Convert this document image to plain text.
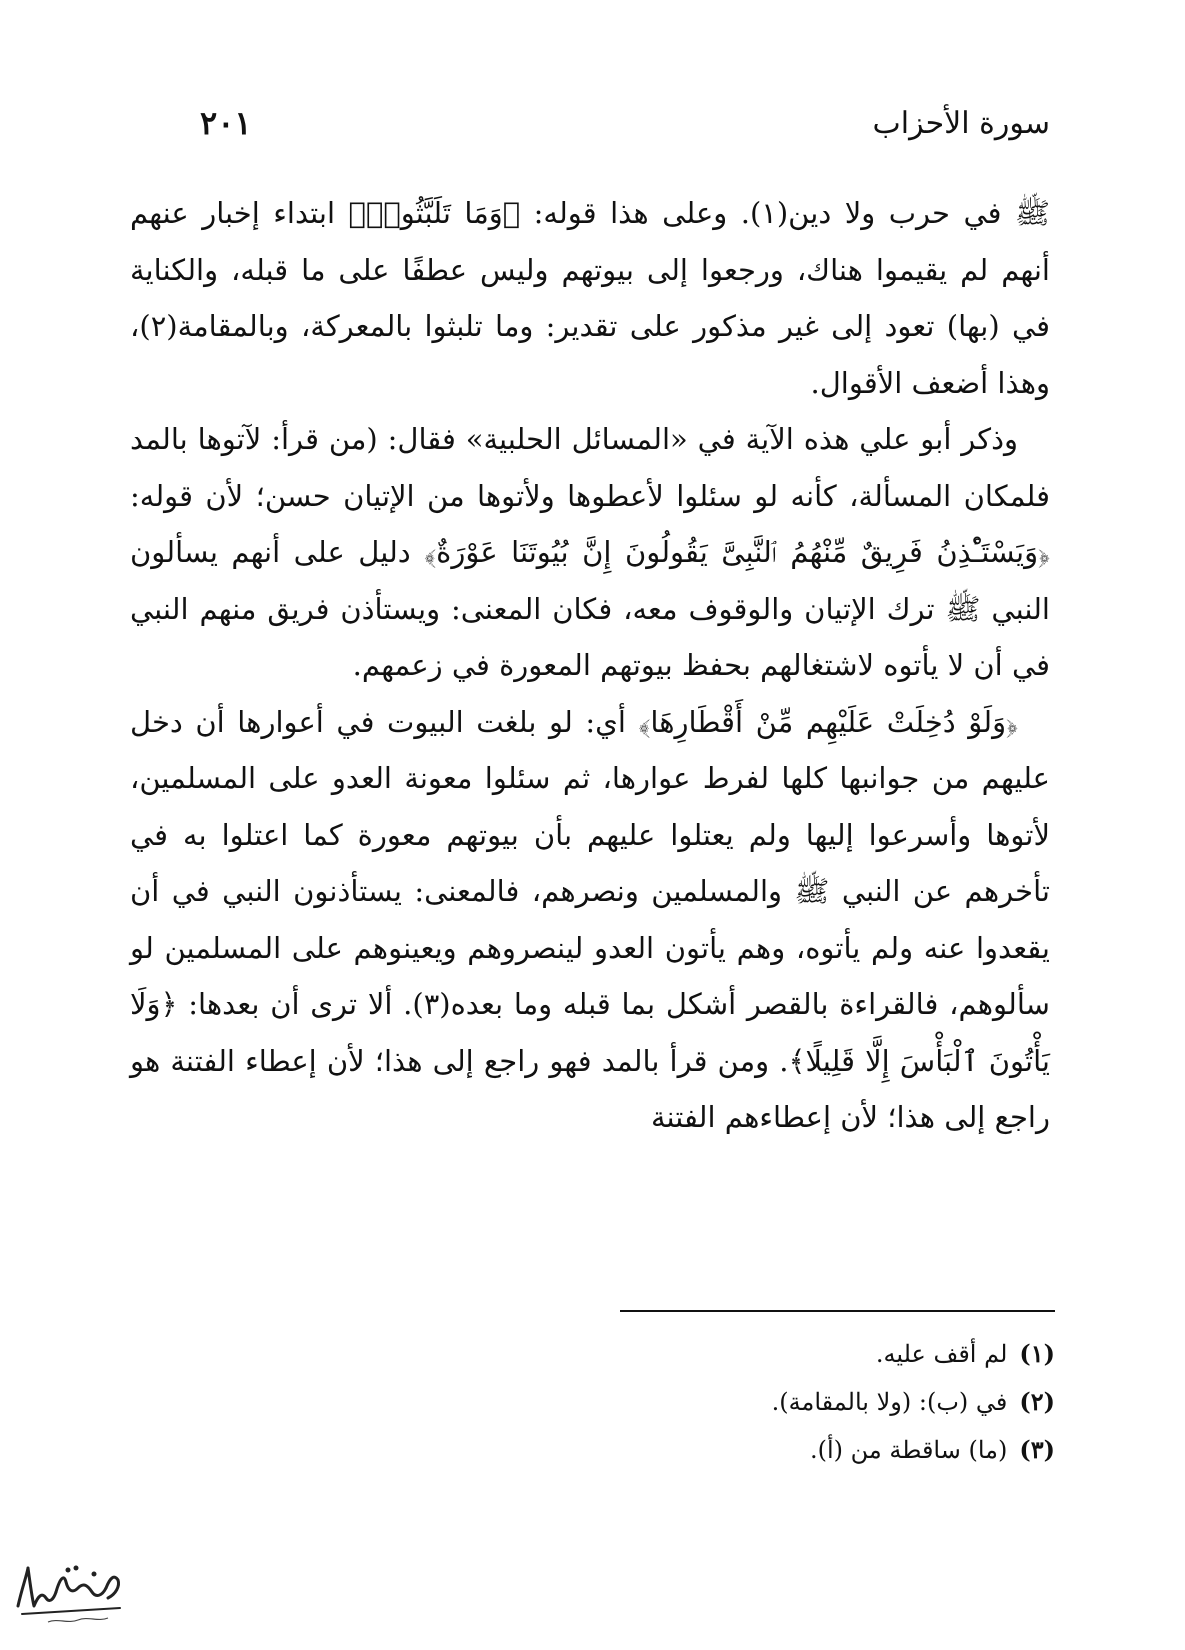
سورة الأحزاب
٢٠١

ﷺ في حرب ولا دين(١). وعلى هذا قوله: ﴿وَمَا تَلَبَّثُوا۟﴾ ابتداء إخبار عنهم أنهم لم يقيموا هناك، ورجعوا إلى بيوتهم وليس عطفًا على ما قبله، والكناية في (بها) تعود إلى غير مذكور على تقدير: وما تلبثوا بالمعركة، وبالمقامة(٢)، وهذا أضعف الأقوال.

وذكر أبو علي هذه الآية في «المسائل الحلبية» فقال: (من قرأ: لآتوها بالمد فلمكان المسألة، كأنه لو سئلوا لأعطوها ولأتوها من الإتيان حسن؛ لأن قوله: ﴿وَيَسْتَـْٔذِنُ فَرِيقٌ مِّنْهُمُ ٱلنَّبِىَّ يَقُولُونَ إِنَّ بُيُوتَنَا عَوْرَةٌ﴾ دليل على أنهم يسألون النبي ﷺ ترك الإتيان والوقوف معه، فكان المعنى: ويستأذن فريق منهم النبي في أن لا يأتوه لاشتغالهم بحفظ بيوتهم المعورة في زعمهم.

﴿وَلَوْ دُخِلَتْ عَلَيْهِم مِّنْ أَقْطَارِهَا﴾ أي: لو بلغت البيوت في أعوارها أن دخل عليهم من جوانبها كلها لفرط عوارها، ثم سئلوا معونة العدو على المسلمين، لأتوها وأسرعوا إليها ولم يعتلوا عليهم بأن بيوتهم معورة كما اعتلوا به في تأخرهم عن النبي ﷺ والمسلمين ونصرهم، فالمعنى: يستأذنون النبي في أن يقعدوا عنه ولم يأتوه، وهم يأتون العدو لينصروهم ويعينوهم على المسلمين لو سألوهم، فالقراءة بالقصر أشكل بما قبله وما بعده(٣). ألا ترى أن بعدها: ﴿وَلَا يَأْتُونَ ٱلْبَأْسَ إِلَّا قَلِيلًا﴾. ومن قرأ بالمد فهو راجع إلى هذا؛ لأن إعطاء الفتنة هو راجع إلى هذا؛ لأن إعطاءهم الفتنة

(١)لم أقف عليه.
(٢)في (ب): (ولا بالمقامة).
(٣)(ما) ساقطة من (أ).
